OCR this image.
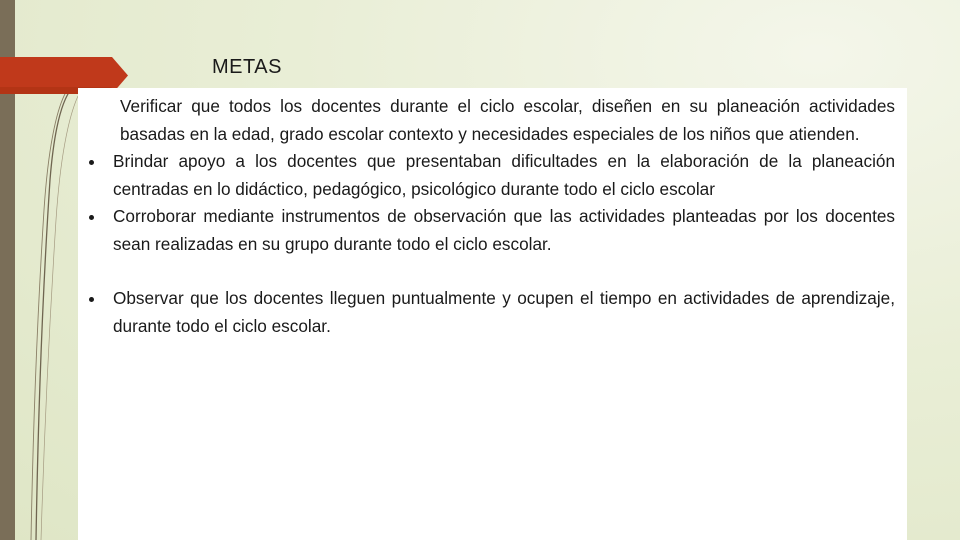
METAS

Verificar que todos los docentes durante el ciclo escolar, diseñen en su planeación actividades basadas en la edad, grado escolar contexto y necesidades especiales de los niños que atienden.

Brindar apoyo a los docentes que presentaban dificultades en la elaboración de la planeación centradas en lo didáctico, pedagógico, psicológico durante todo el ciclo escolar
Corroborar mediante instrumentos de observación que las actividades planteadas por los docentes sean realizadas en su grupo durante todo el ciclo escolar.
Observar que los docentes lleguen puntualmente y ocupen el tiempo en actividades de aprendizaje, durante todo el ciclo escolar.
